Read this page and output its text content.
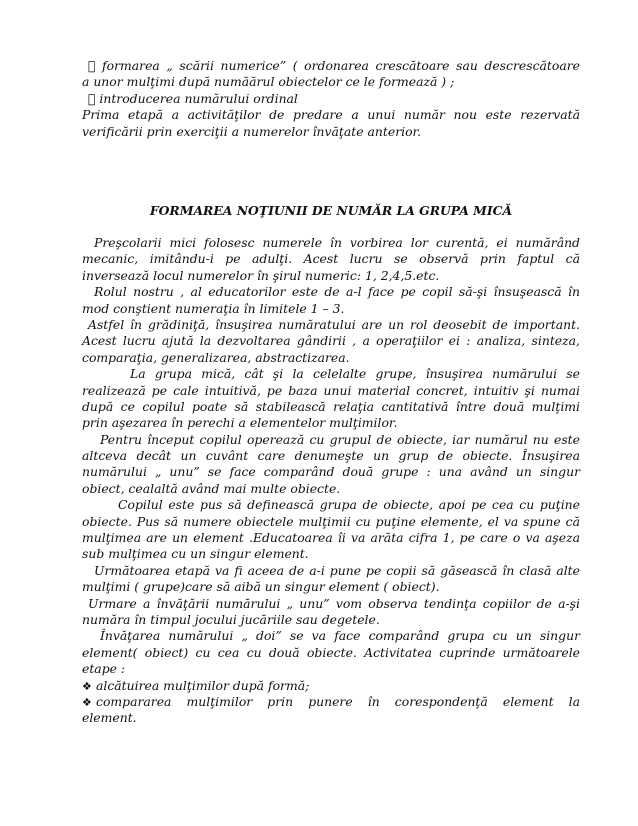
formarea „ scării numerice” ( ordonarea crescătoare sau descrescătoare
a unor mulţimi după număărul obiectelor ce le formează ) ;
introducerea numărului ordinal
Prima etapă a activităţilor de predare a unui număr nou este rezervată
verificării prin exerciţii a numerelor învăţate anterior.
FORMAREA NOŢIUNII DE NUMĂR LA GRUPA MICĂ
Preşcolarii mici folosesc numerele în vorbirea lor curentă, ei numărând
mecanic, imitându-i pe adulţi. Acest lucru se observă prin faptul că
inversează locul numerelor în şirul numeric: 1, 2,4,5.etc.
Rolul nostru , al educatorilor este de a-l face pe copil să-şi însuşească în
mod conştient numeraţia în limitele 1 – 3.
Astfel în grădiniţă, însuşirea număratului are un rol deosebit de important.
Acest lucru ajută la dezvoltarea gândirii , a operaţiilor ei : analiza, sinteza,
comparaţia, generalizarea, abstractizarea.
La grupa mică, cât şi la celelalte grupe, însuşirea numărului se
realizează pe cale intuitivă, pe baza unui material concret, intuitiv şi numai
după ce copilul poate să stabilească relaţia cantitativă între două mulţimi
prin aşezarea în perechi a elementelor mulţimilor.
Pentru început copilul operează cu grupul de obiecte, iar numărul nu este
altceva decât un cuvânt care denumeşte un grup de obiecte. Însuşirea
numărului „ unu” se face comparând două grupe : una având un singur
obiect, cealaltă având mai multe obiecte.
Copilul este pus să definească grupa de obiecte, apoi pe cea cu puţine
obiecte. Pus să numere obiectele mulţimii cu puţine elemente, el va spune că
mulţimea are un element .Educatoarea îi va arăta cifra 1, pe care o va aşeza
sub mulţimea cu un singur element.
Următoarea etapă va fi aceea de a-i pune pe copii să găsească în clasă alte
mulţimi ( grupe)care să aibă un singur element ( obiect).
Urmare a învăţării numărului „ unu” vom observa tendinţa copiilor de a-şi
număra în timpul jocului jucăriile sau degetele.
Învăţarea numărului „ doi” se va face comparând grupa cu un singur
element( obiect) cu cea cu două obiecte. Activitatea cuprinde următoarele
etape :
❖ alcătuirea mulţimilor după formă;
❖ compararea mulţimilor prin punere în corespondenţă element la
element.
